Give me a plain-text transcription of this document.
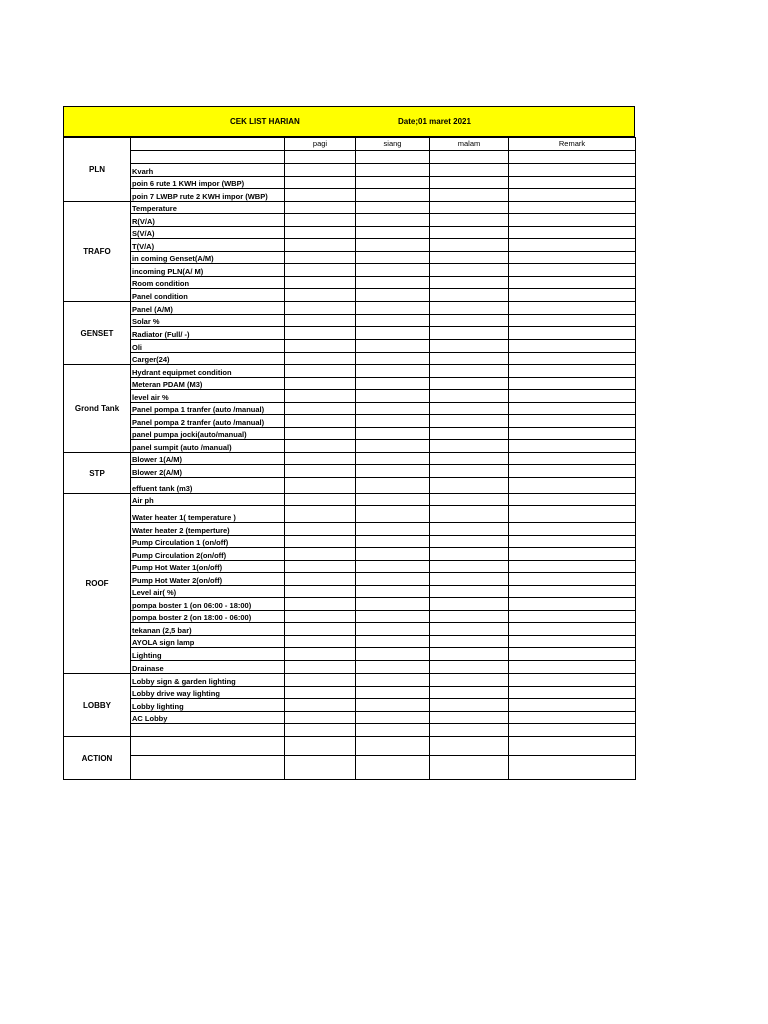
CEK LIST HARIAN	Date;01 maret 2021
PLN		pagi	siang	malam	Remark

	Kvarh				
	poin 6 rute 1 KWH impor (WBP)				
	poin 7 LWBP rute 2 KWH impor (WBP)				
TRAFO	Temperature				
	R(V/A)				
	S(V/A)				
	T(V/A)				
	in coming Genset(A/M)				
	incoming PLN(A/ M)				
	Room condition				
	Panel condition				
GENSET	Panel (A/M)				
	Solar %				
	Radiator (Full/ -)				
	Oli				
	Carger(24)				
Grond Tank	Hydrant equipmet condition				
	Meteran PDAM (M3)				
	level air %				
	Panel pompa 1 tranfer (auto /manual)				
	Panel pompa 2 tranfer (auto /manual)				
	panel pumpa jocki(auto/manual)				
	panel sumpit (auto /manual)				
STP	Blower 1(A/M)				
	Blower 2(A/M)				
	effuent tank (m3)				
ROOF	Air ph				
	Water heater 1( temperature )				
	Water heater 2 (temperture)				
	Pump Circulation 1 (on/off)				
	Pump Circulation 2(on/off)				
	Pump Hot Water 1(on/off)				
	Pump Hot Water 2(on/off)				
	Level air( %)				
	pompa boster 1 (on 06:00 - 18:00)				
	pompa boster 2 (on 18:00 - 06:00)				
	tekanan (2,5 bar)				
	AYOLA sign lamp				
	Lighting				
	Drainase				
LOBBY	Lobby sign & garden lighting				
	Lobby drive way lighting				
	Lobby lighting				
	AC Lobby				

ACTION					
